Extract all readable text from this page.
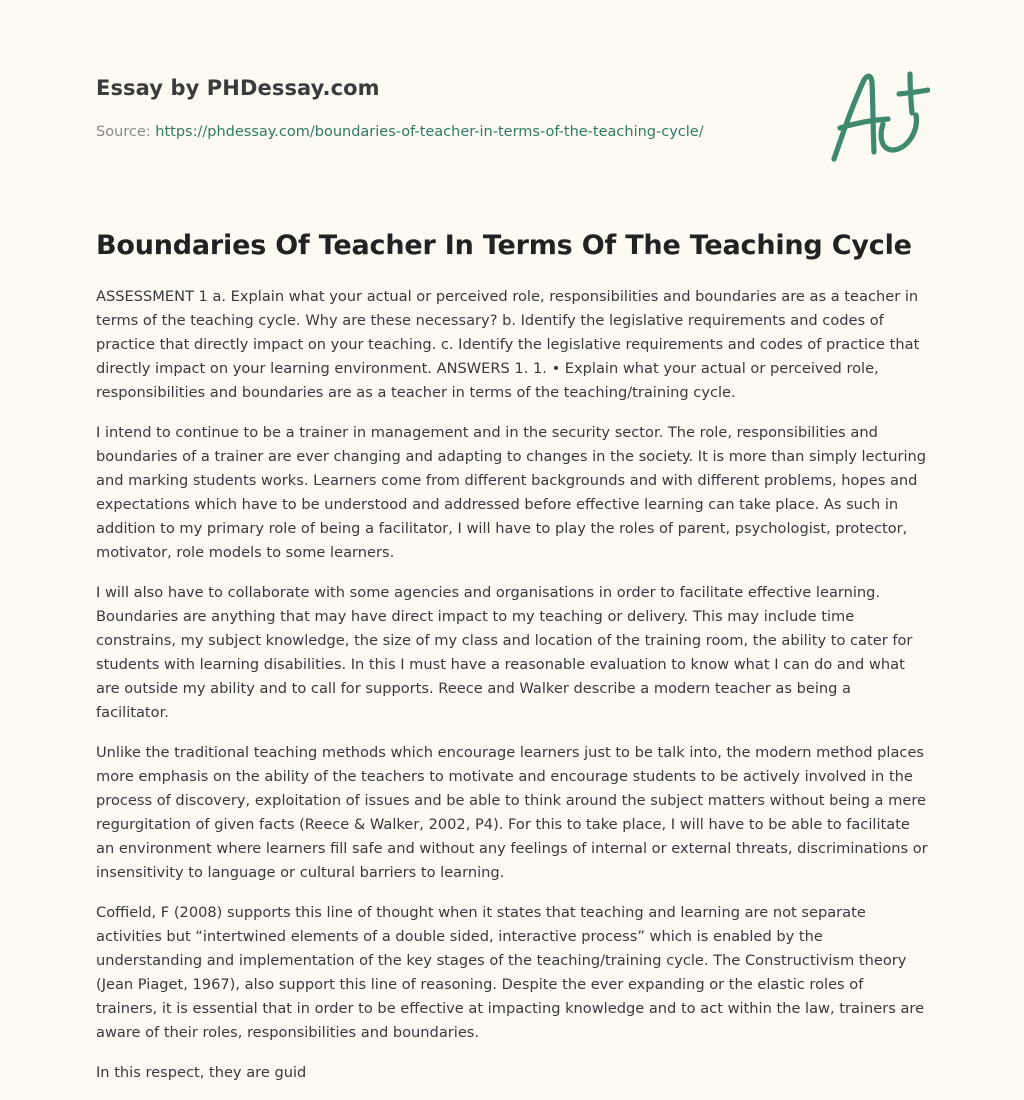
Essay by PHDessay.com
Source: https://phdessay.com/boundaries-of-teacher-in-terms-of-the-teaching-cycle/
Boundaries Of Teacher In Terms Of The Teaching Cycle

ASSESSMENT 1 a. Explain what your actual or perceived role, responsibilities and boundaries are as a teacher in terms of the teaching cycle. Why are these necessary? b. Identify the legislative requirements and codes of practice that directly impact on your teaching. c. Identify the legislative requirements and codes of practice that directly impact on your learning environment. ANSWERS 1. 1. • Explain what your actual or perceived role, responsibilities and boundaries are as a teacher in terms of the teaching/training cycle.

I intend to continue to be a trainer in management and in the security sector. The role, responsibilities and boundaries of a trainer are ever changing and adapting to changes in the society. It is more than simply lecturing and marking students works. Learners come from different backgrounds and with different problems, hopes and expectations which have to be understood and addressed before effective learning can take place. As such in addition to my primary role of being a facilitator, I will have to play the roles of parent, psychologist, protector, motivator, role models to some learners.

I will also have to collaborate with some agencies and organisations in order to facilitate effective learning. Boundaries are anything that may have direct impact to my teaching or delivery. This may include time constrains, my subject knowledge, the size of my class and location of the training room, the ability to cater for students with learning disabilities. In this I must have a reasonable evaluation to know what I can do and what are outside my ability and to call for supports. Reece and Walker describe a modern teacher as being a facilitator.

Unlike the traditional teaching methods which encourage learners just to be talk into, the modern method places more emphasis on the ability of the teachers to motivate and encourage students to be actively involved in the process of discovery, exploitation of issues and be able to think around the subject matters without being a mere regurgitation of given facts (Reece & Walker, 2002, P4). For this to take place, I will have to be able to facilitate an environment where learners fill safe and without any feelings of internal or external threats, discriminations or insensitivity to language or cultural barriers to learning.

Coffield, F (2008) supports this line of thought when it states that teaching and learning are not separate activities but “intertwined elements of a double sided, interactive process” which is enabled by the understanding and implementation of the key stages of the teaching/training cycle. The Constructivism theory (Jean Piaget, 1967), also support this line of reasoning. Despite the ever expanding or the elastic roles of trainers, it is essential that in order to be effective at impacting knowledge and to act within the law, trainers are aware of their roles, responsibilities and boundaries.

In this respect, they are guid
